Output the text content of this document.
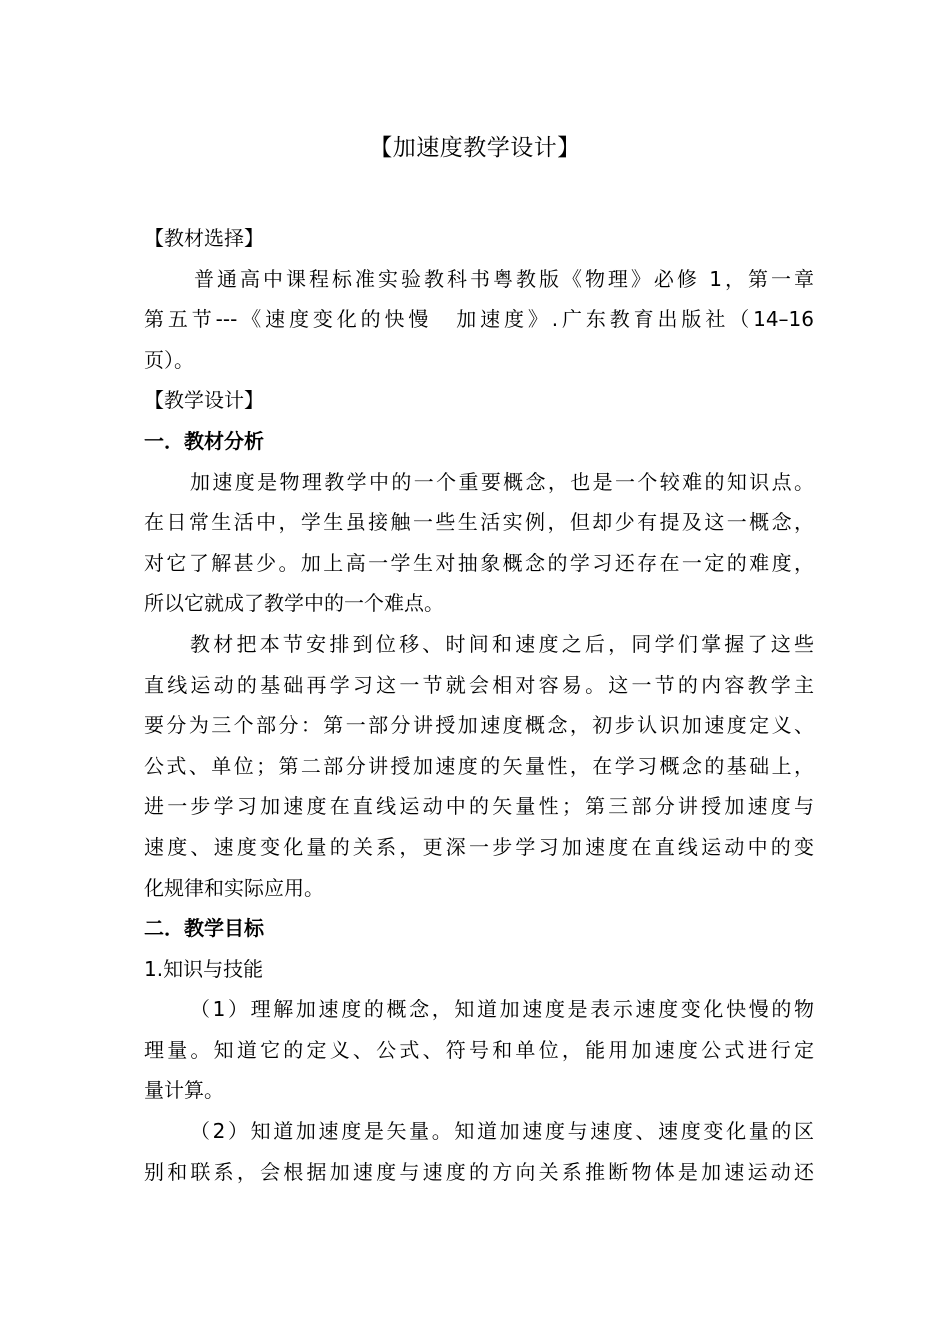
【加速度教学设计】
【教材选择】
普通高中课程标准实验教科书粤教版《物理》必修 1，第一章
第五节---《速度变化的快慢　加速度》.广东教育出版社（14–16
页）。
【教学设计】
一．教材分析
加速度是物理教学中的一个重要概念，也是一个较难的知识点。
在日常生活中，学生虽接触一些生活实例，但却少有提及这一概念，
对它了解甚少。加上高一学生对抽象概念的学习还存在一定的难度，
所以它就成了教学中的一个难点。
教材把本节安排到位移、时间和速度之后，同学们掌握了这些
直线运动的基础再学习这一节就会相对容易。这一节的内容教学主
要分为三个部分：第一部分讲授加速度概念，初步认识加速度定义、
公式、单位；第二部分讲授加速度的矢量性，在学习概念的基础上，
进一步学习加速度在直线运动中的矢量性；第三部分讲授加速度与
速度、速度变化量的关系，更深一步学习加速度在直线运动中的变
化规律和实际应用。
二．教学目标
1.知识与技能
（1）理解加速度的概念，知道加速度是表示速度变化快慢的物
理量。知道它的定义、公式、符号和单位，能用加速度公式进行定
量计算。
（2）知道加速度是矢量。知道加速度与速度、速度变化量的区
别和联系，会根据加速度与速度的方向关系推断物体是加速运动还
